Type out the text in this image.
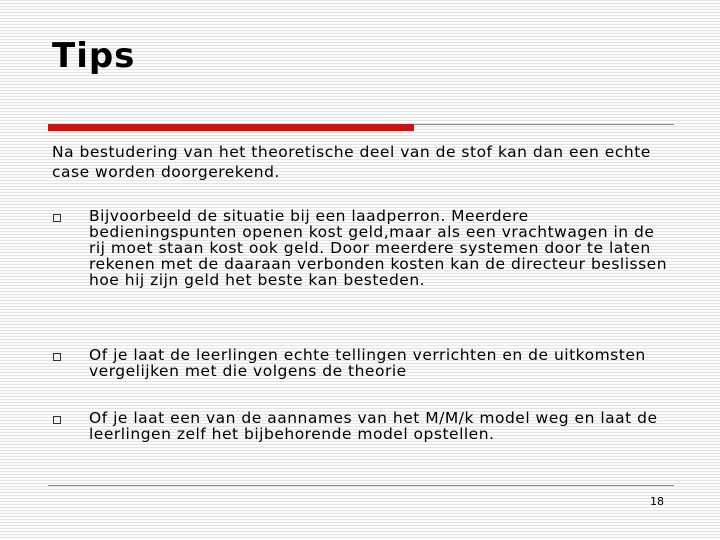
Tips

Na bestudering van het theoretische deel van de stof kan dan een echte case worden doorgerekend.

Bijvoorbeeld de situatie bij een laadperron. Meerdere bedieningspunten openen kost geld,maar als een vrachtwagen in de rij moet staan kost ook geld. Door meerdere systemen door te laten rekenen met de daaraan verbonden kosten kan de directeur beslissen hoe hij zijn geld het beste kan besteden.
Of je laat de leerlingen echte tellingen verrichten en de uitkomsten vergelijken met die volgens de theorie
Of je laat een van de aannames van het M/M/k model weg en laat de leerlingen zelf het bijbehorende model opstellen.
18
